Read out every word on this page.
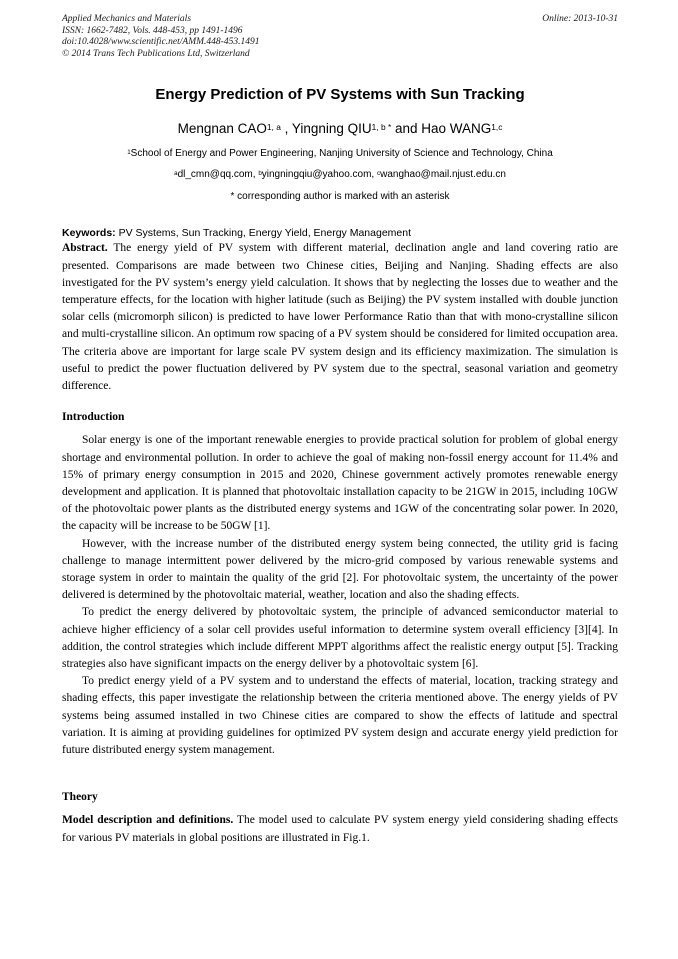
Applied Mechanics and Materials
ISSN: 1662-7482, Vols. 448-453, pp 1491-1496
doi:10.4028/www.scientific.net/AMM.448-453.1491
© 2014 Trans Tech Publications Ltd, Switzerland
Online: 2013-10-31
Energy Prediction of PV Systems with Sun Tracking
Mengnan CAO$^{1, a}$ , Yingning $QIU^{1, b *}$ and Hao WANG$^{1,c}$
$^1$School of Energy and Power Engineering, Nanjing University of Science and Technology, China
$^a$dl_cmn@qq.com, $^b$yingningqiu@yahoo.com, $^c$wanghao@mail.njust.edu.cn
* corresponding author is marked with an asterisk
Keywords: PV Systems, Sun Tracking, Energy Yield, Energy Management

Abstract. The energy yield of PV system with different material, declination angle and land covering ratio are presented. Comparisons are made between two Chinese cities, Beijing and Nanjing. Shading effects are also investigated for the PV system’s energy yield calculation. It shows that by neglecting the losses due to weather and the temperature effects, for the location with higher latitude (such as Beijing) the PV system installed with double junction solar cells (micromorph silicon) is predicted to have lower Performance Ratio than that with mono-crystalline silicon and multi-crystalline silicon. An optimum row spacing of a PV system should be considered for limited occupation area. The criteria above are important for large scale PV system design and its efficiency maximization. The simulation is useful to predict the power fluctuation delivered by PV system due to the spectral, seasonal variation and geometry difference.

Introduction

Solar energy is one of the important renewable energies to provide practical solution for problem of global energy shortage and environmental pollution. In order to achieve the goal of making non-fossil energy account for 11.4% and 15% of primary energy consumption in 2015 and 2020, Chinese government actively promotes renewable energy development and application. It is planned that photovoltaic installation capacity to be 21GW in 2015, including 10GW of the photovoltaic power plants as the distributed energy systems and 1GW of the concentrating solar power. In 2020, the capacity will be increase to be 50GW [1].

However, with the increase number of the distributed energy system being connected, the utility grid is facing challenge to manage intermittent power delivered by the micro-grid composed by various renewable systems and storage system in order to maintain the quality of the grid [2]. For photovoltaic system, the uncertainty of the power delivered is determined by the photovoltaic material, weather, location and also the shading effects.

To predict the energy delivered by photovoltaic system, the principle of advanced semiconductor material to achieve higher efficiency of a solar cell provides useful information to determine system overall efficiency [3][4]. In addition, the control strategies which include different MPPT algorithms affect the realistic energy output [5]. Tracking strategies also have significant impacts on the energy deliver by a photovoltaic system [6].

To predict energy yield of a PV system and to understand the effects of material, location, tracking strategy and shading effects, this paper investigate the relationship between the criteria mentioned above. The energy yields of PV systems being assumed installed in two Chinese cities are compared to show the effects of latitude and spectral variation. It is aiming at providing guidelines for optimized PV system design and accurate energy yield prediction for future distributed energy system management.

Theory

Model description and definitions. The model used to calculate PV system energy yield considering shading effects for various PV materials in global positions are illustrated in Fig.1.
